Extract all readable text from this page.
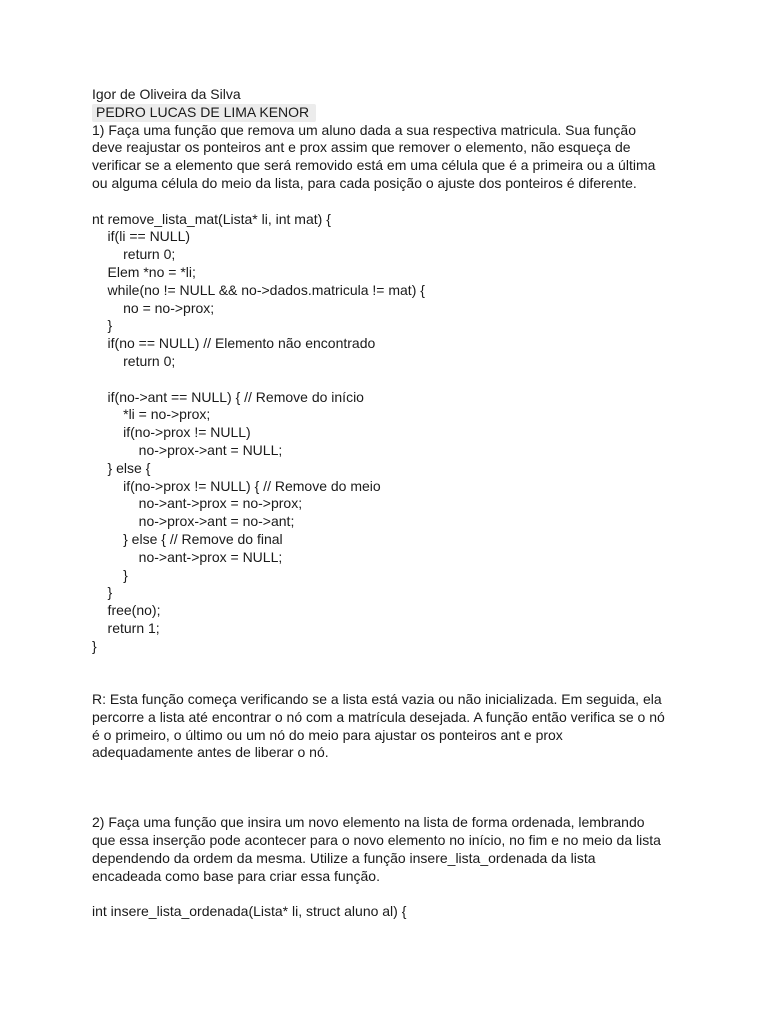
Igor de Oliveira da Silva
PEDRO LUCAS DE LIMA KENOR
1) Faça uma função que remova um aluno dada a sua respectiva matricula. Sua função
deve reajustar os ponteiros ant e prox assim que remover o elemento, não esqueça de
verificar se a elemento que será removido está em uma célula que é a primeira ou a última
ou alguma célula do meio da lista, para cada posição o ajuste dos ponteiros é diferente.
nt remove_lista_mat(Lista* li, int mat) {
if(li == NULL)
return 0;
Elem *no = *li;
while(no != NULL && no->dados.matricula != mat) {
no = no->prox;
}
if(no == NULL) // Elemento não encontrado
return 0;
if(no->ant == NULL) { // Remove do início
*li = no->prox;
if(no->prox != NULL)
no->prox->ant = NULL;
} else {
if(no->prox != NULL) { // Remove do meio
no->ant->prox = no->prox;
no->prox->ant = no->ant;
} else { // Remove do final
no->ant->prox = NULL;
}
}
free(no);
return 1;
}
R: Esta função começa verificando se a lista está vazia ou não inicializada. Em seguida, ela
percorre a lista até encontrar o nó com a matrícula desejada. A função então verifica se o nó
é o primeiro, o último ou um nó do meio para ajustar os ponteiros ant e prox
adequadamente antes de liberar o nó.
2) Faça uma função que insira um novo elemento na lista de forma ordenada, lembrando
que essa inserção pode acontecer para o novo elemento no início, no fim e no meio da lista
dependendo da ordem da mesma. Utilize a função insere_lista_ordenada da lista
encadeada como base para criar essa função.
int insere_lista_ordenada(Lista* li, struct aluno al) {
